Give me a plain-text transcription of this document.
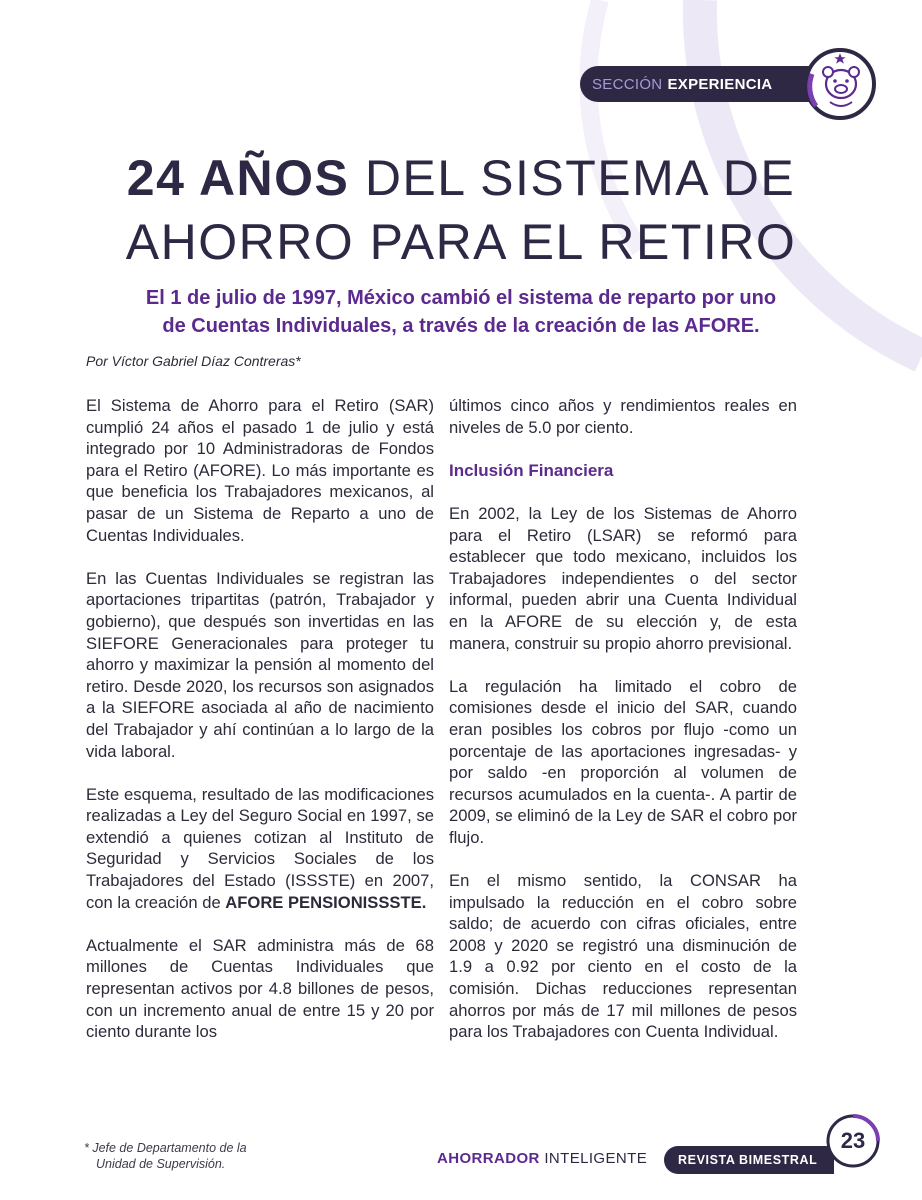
SECCIÓN EXPERIENCIA
24 AÑOS DEL SISTEMA DE
AHORRO PARA EL RETIRO
El 1 de julio de 1997, México cambió el sistema de reparto por uno
de Cuentas Individuales, a través de la creación de las AFORE.
Por Víctor Gabriel Díaz Contreras*

El Sistema de Ahorro para el Retiro (SAR) cumplió 24 años el pasado 1 de julio y está integrado por 10 Administradoras de Fondos para el Retiro (AFORE). Lo más importante es que beneficia los Trabajadores mexicanos, al pasar de un Sistema de Reparto a uno de Cuentas Individuales.

En las Cuentas Individuales se registran las aportaciones tripartitas (patrón, Trabajador y gobierno), que después son invertidas en las SIEFORE Generacionales para proteger tu ahorro y maximizar la pensión al momento del retiro. Desde 2020, los recursos son asignados a la SIEFORE asociada al año de nacimiento del Trabajador y ahí continúan a lo largo de la vida laboral.

Este esquema, resultado de las modificaciones realizadas a Ley del Seguro Social en 1997, se extendió a quienes cotizan al Instituto de Seguridad y Servicios Sociales de los Trabajadores del Estado (ISSSTE) en 2007, con la creación de AFORE PENSIONISSSTE.

Actualmente el SAR administra más de 68 millones de Cuentas Individuales que representan activos por 4.8 billones de pesos, con un incremento anual de entre 15 y 20 por ciento durante los

últimos cinco años y rendimientos reales en niveles de 5.0 por ciento.

Inclusión Financiera

En 2002, la Ley de los Sistemas de Ahorro para el Retiro (LSAR) se reformó para establecer que todo mexicano, incluidos los Trabajadores independientes o del sector informal, pueden abrir una Cuenta Individual en la AFORE de su elección y, de esta manera, construir su propio ahorro previsional.

La regulación ha limitado el cobro de comisiones desde el inicio del SAR, cuando eran posibles los cobros por flujo -como un porcentaje de las aportaciones ingresadas- y por saldo -en proporción al volumen de recursos acumulados en la cuenta-. A partir de 2009, se eliminó de la Ley de SAR el cobro por flujo.

En el mismo sentido, la CONSAR ha impulsado la reducción en el cobro sobre saldo; de acuerdo con cifras oficiales, entre 2008 y 2020 se registró una disminución de 1.9 a 0.92 por ciento en el costo de la comisión. Dichas reducciones representan ahorros por más de 17 mil millones de pesos para los Trabajadores con Cuenta Individual.

* Jefe de Departamento de la
Unidad de Supervisión.	AHORRADOR INTELIGENTE	REVISTA BIMESTRAL
23
